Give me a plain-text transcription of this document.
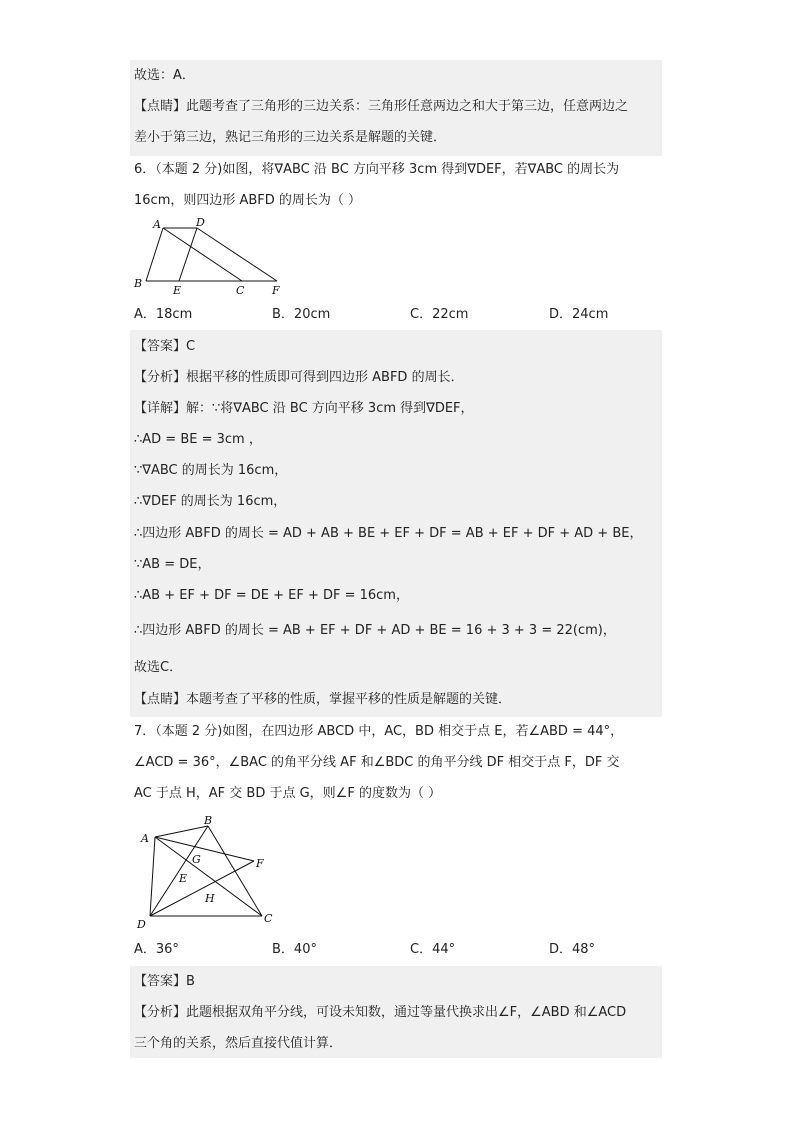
故选：A．
【点睛】此题考查了三角形的三边关系：三角形任意两边之和大于第三边，任意两边之
差小于第三边，熟记三角形的三边关系是解题的关键．
6．（本题 2 分)如图，将∇ABC 沿 BC 方向平移 3cm 得到∇DEF，若∇ABC 的周长为
16cm，则四边形 ABFD 的周长为（ ）
A	D
B
E	C	F
A．18cm	B．20cm	C．22cm	D．24cm
【答案】C
【分析】根据平移的性质即可得到四边形 ABFD 的周长．
【详解】解：∵将∇ABC 沿 BC 方向平移 3cm 得到∇DEF，
∴AD = BE = 3cm ，
∵∇ABC 的周长为 16cm，
∴∇DEF 的周长为 16cm，
∴四边形 ABFD 的周长 = AD + AB + BE + EF + DF = AB + EF + DF + AD + BE，
∵AB = DE，
∴AB + EF + DF = DE + EF + DF = 16cm，
∴四边形 ABFD 的周长 = AB + EF + DF + AD + BE = 16 + 3 + 3 = 22(cm)，
故选C．
【点睛】本题考查了平移的性质，掌握平移的性质是解题的关键．
7．（本题 2 分)如图，在四边形 ABCD 中，AC，BD 相交于点 E，若∠ABD = 44°，
∠ACD = 36°，∠BAC 的角平分线 AF 和∠BDC 的角平分线 DF 相交于点 F，DF 交
AC 于点 H，AF 交 BD 于点 G，则∠F 的度数为（ ）
A
B
G	F
E
H
D	C
A．36°	B．40°	C．44°	D．48°
【答案】B
【分析】此题根据双角平分线，可设未知数，通过等量代换求出∠F，∠ABD 和∠ACD
三个角的关系，然后直接代值计算．
